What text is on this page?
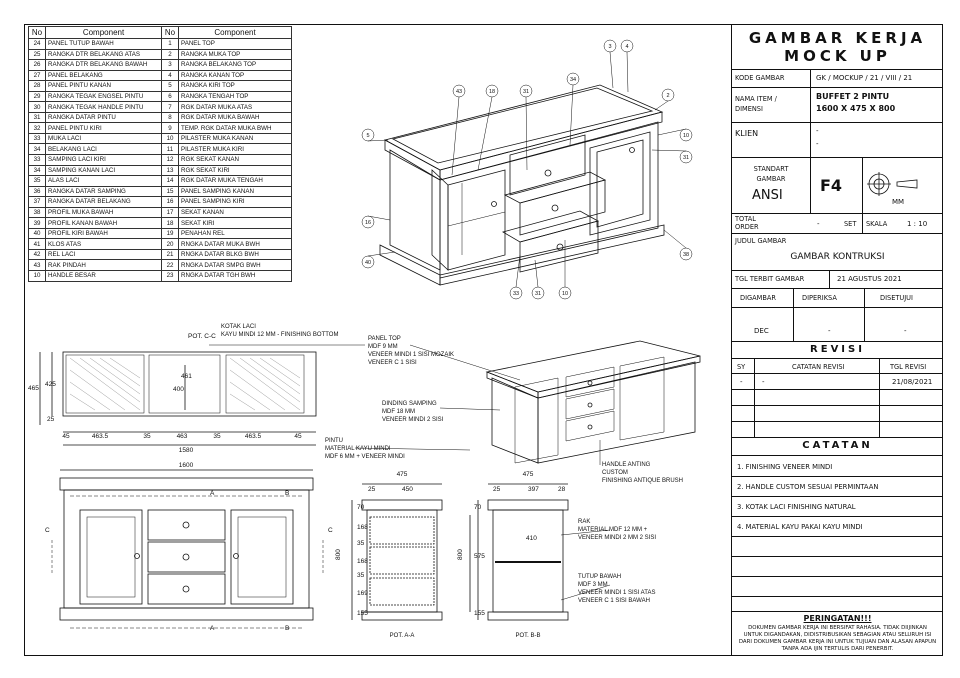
No	Component	No	Component
24	PANEL TUTUP BAWAH	1	PANEL TOP
25	RANGKA DTR BELAKANG ATAS	2	RANGKA MUKA TOP
26	RANGKA DTR BELAKANG BAWAH	3	RANGKA BELAKANG TOP
27	PANEL BELAKANG	4	RANGKA KANAN TOP
28	PANEL PINTU KANAN	5	RANGKA KIRI TOP
29	RANGKA TEGAK ENGSEL PINTU	6	RANGKA TENGAH TOP
30	RANGKA TEGAK HANDLE PINTU	7	RGK DATAR MUKA ATAS
31	RANGKA DATAR PINTU	8	RGK DATAR MUKA BAWAH
32	PANEL PINTU KIRI	9	TEMP. RGK DATAR MUKA BWH
33	MUKA LACI	10	PILASTER MUKA KANAN
34	BELAKANG LACI	11	PILASTER MUKA KIRI
33	SAMPING LACI KIRI	12	RGK SEKAT KANAN
34	SAMPING KANAN LACI	13	RGK SEKAT KIRI
35	ALAS LACI	14	RGK DATAR MUKA TENGAH
36	RANGKA DATAR SAMPING	15	PANEL SAMPING KANAN
37	RANGKA DATAR BELAKANG	16	PANEL SAMPING KIRI
38	PROFIL MUKA BAWAH	17	SEKAT KANAN
39	PROFIL KANAN BAWAH	18	SEKAT KIRI
40	PROFIL KIRI BAWAH	19	PENAHAN REL
41	KLOS ATAS	20	RNGKA DATAR MUKA BWH
42	REL LACI	21	RNGKA DATAR BLKG BWH
43	RAK PINDAH	22	RNGKA DATAR SMPG BWH
10	HANDLE BESAR	23	RNGKA DATAR TGH BWH
3	4
2
10
31
5
43	18	31
34
16
40
33	31	10
38
POT. C-C
465
425
25
461
400
45	463.5	35	463	35	463.5	45
1580
1600
A	B
A	B
C	C
475
POT. A-A
25	450
70
168
35
168
35
169
155
800
475
POT. B-B
25	397	28
70
410
575
155
800
KOTAK LACI
KAYU MINDI 12 MM - FINISHING BOTTOM
PANEL TOP
MDF 9 MM
VENEER MINDI 1 SISI MOZAIK
VENEER C 1 SISI
DINDING SAMPING
MDF 18 MM
VENEER MINDI 2 SISI
PINTU
MATERIAL KAYU MINDI
MDF 6 MM + VENEER MINDI
HANDLE ANTING
CUSTOM
FINISHING ANTIQUE BRUSH
RAK
MATERIAL MDF 12 MM +
VENEER MINDI 2 MM 2 SISI
TUTUP BAWAH
MDF 3 MM
VENEER MINDI 1 SISI ATAS
VENEER C 1 SISI BAWAH
GAMBAR KERJA
MOCK UP
KODE GAMBAR	GK / MOCKUP / 21 / VIII / 21
NAMA ITEM / DIMENSI
BUFFET 2 PINTU
1600 X 475 X 800
KLIEN	-
-
STANDART GAMBAR
ANSI
F4
MM
TOTAL ORDER	-	SET SKALA	1 : 10
JUDUL GAMBAR
GAMBAR KONTRUKSI
TGL TERBIT GAMBAR	21 AGUSTUS 2021
DIGAMBAR	DIPERIKSA	DISETUJUI
DEC	-	-
REVISI
SY	CATATAN REVISI	TGL REVISI
-	-	21/08/2021
CATATAN
1. FINISHING VENEER MINDI
2. HANDLE CUSTOM SESUAI PERMINTAAN
3. KOTAK LACI FINISHING NATURAL
4. MATERIAL KAYU PAKAI KAYU MINDI
PERINGATAN!!!
DOKUMEN GAMBAR KERJA INI BERSIFAT RAHASIA. TIDAK DIIJINKAN UNTUK DIGANDAKAN, DIDISTRIBUSIKAN SEBAGIAN ATAU SELURUH ISI DARI DOKUMEN GAMBAR KERJA INI UNTUK TUJUAN DAN ALASAN APAPUN TANPA ADA IJIN TERTULIS DARI PENERBIT.
